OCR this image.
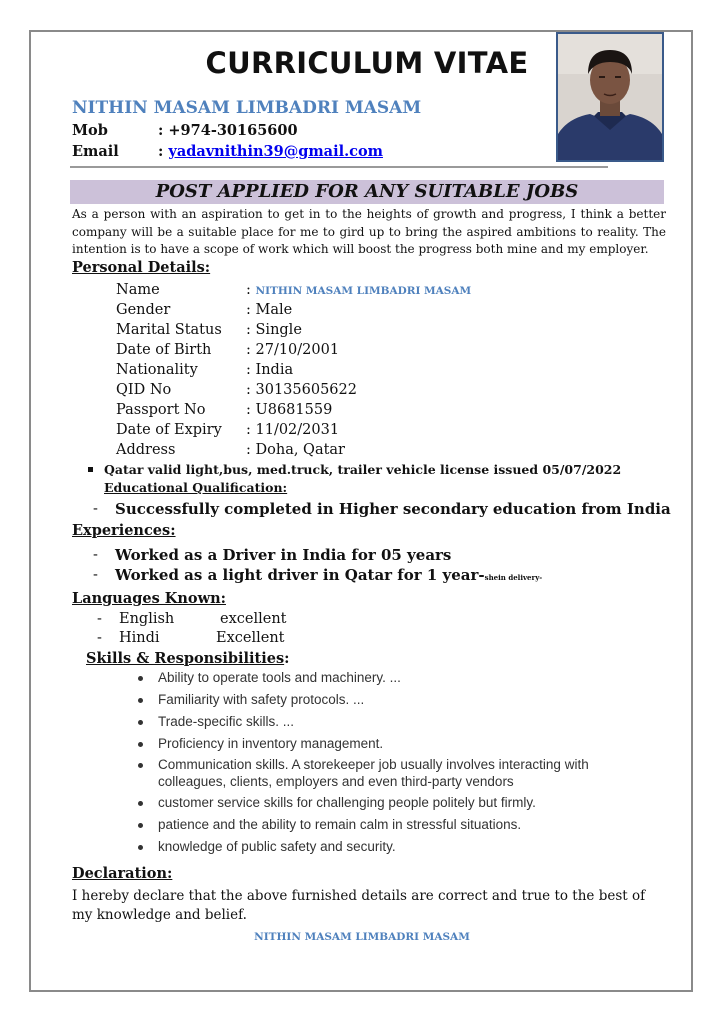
CURRICULUM VITAE
NITHIN MASAM LIMBADRI MASAM
Mob	: +974-30165600
Email	: yadavnithin39@gmail.com
POST APPLIED FOR ANY SUITABLE JOBS
As a person with an aspiration to get in to the heights of growth and progress, I think a better company will be a suitable place for me to gird up to bring the aspired ambitions to reality. The intention is to have a scope of work which will boost the progress both mine and my employer.
Personal Details:
Name	: NITHIN MASAM LIMBADRI MASAM
Gender	: Male
Marital Status : Single
Date of Birth : 27/10/2001
Nationality	: India
QID No	: 30135605622
Passport No	: U8681559
Date of Expiry : 11/02/2031
Address	: Doha, Qatar
Qatar valid light,bus, med.truck, trailer vehicle license issued 05/07/2022
Educational Qualification:
- Successfully completed in Higher secondary education from India
Experiences:
- Worked as a Driver in India for 05 years
- Worked as a light driver in Qatar for 1 year-shein delivery-
Languages Known:
- English	excellent
- Hindi	Excellent
Skills & Responsibilities:
Ability to operate tools and machinery. ...
Familiarity with safety protocols. ...
Trade-specific skills. ...
Proficiency in inventory management.
Communication skills. A storekeeper job usually involves interacting with
colleagues, clients, employers and even third-party vendors
customer service skills for challenging people politely but firmly.
patience and the ability to remain calm in stressful situations.
knowledge of public safety and security.
Declaration:
I hereby declare that the above furnished details are correct and true to the best of my knowledge and belief.
NITHIN MASAM LIMBADRI MASAM
